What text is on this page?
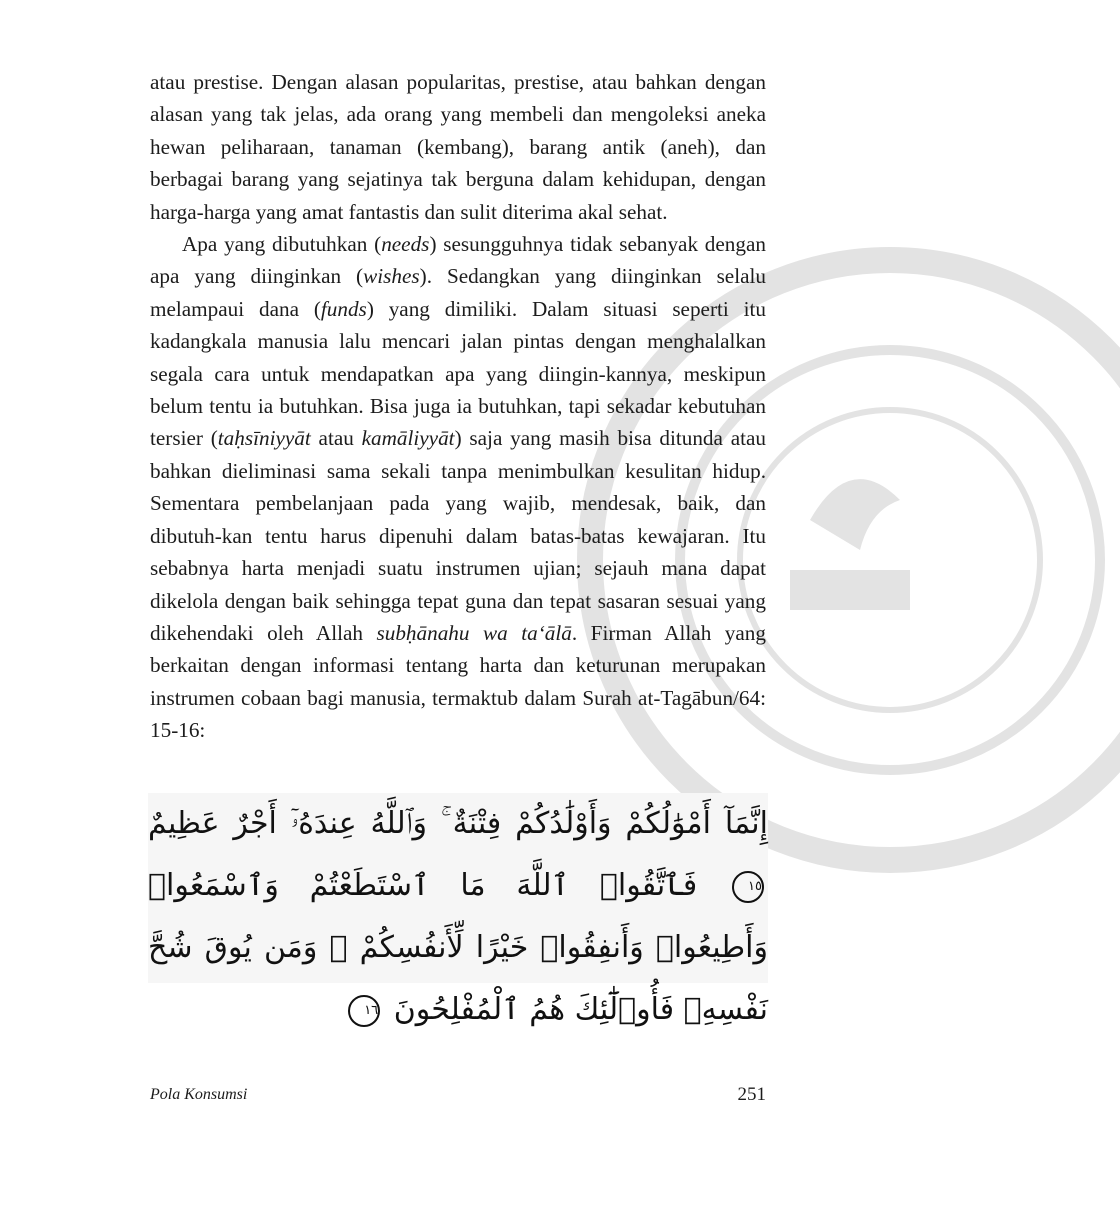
atau prestise. Dengan alasan popularitas, prestise, atau bahkan dengan alasan yang tak jelas, ada orang yang membeli dan mengoleksi aneka hewan peliharaan, tanaman (kembang), barang antik (aneh), dan berbagai barang yang sejatinya tak berguna dalam kehidupan, dengan harga-harga yang amat fantastis dan sulit diterima akal sehat.

Apa yang dibutuhkan (needs) sesungguhnya tidak sebanyak dengan apa yang diinginkan (wishes). Sedangkan yang diinginkan selalu melampaui dana (funds) yang dimiliki. Dalam situasi seperti itu kadangkala manusia lalu mencari jalan pintas dengan menghalalkan segala cara untuk mendapatkan apa yang diingin-kannya, meskipun belum tentu ia butuhkan. Bisa juga ia butuhkan, tapi sekadar kebutuhan tersier (taḥsīniyyāt atau kamāliyyāt) saja yang masih bisa ditunda atau bahkan dieliminasi sama sekali tanpa menimbulkan kesulitan hidup. Sementara pembelanjaan pada yang wajib, mendesak, baik, dan dibutuh-kan tentu harus dipenuhi dalam batas-batas kewajaran. Itu sebabnya harta menjadi suatu instrumen ujian; sejauh mana dapat dikelola dengan baik sehingga tepat guna dan tepat sasaran sesuai yang dikehendaki oleh Allah subḥānahu wa ta‘ālā. Firman Allah yang berkaitan dengan informasi tentang harta dan keturunan merupakan instrumen cobaan bagi manusia, termaktub dalam Surah at-Tagābun/64: 15-16:

إِنَّمَآ أَمْوَٰلُكُمْ وَأَوْلَٰدُكُمْ فِتْنَةٌ ۚ وَٱللَّهُ عِندَهُۥٓ أَجْرٌ عَظِيمٌ ١٥ فَٱتَّقُوا۟ ٱللَّهَ مَا ٱسْتَطَعْتُمْ وَٱسْمَعُوا۟ وَأَطِيعُوا۟ وَأَنفِقُوا۟ خَيْرًا لِّأَنفُسِكُمْ ۗ وَمَن يُوقَ شُحَّ نَفْسِهِۦ فَأُو۟لَٰٓئِكَ هُمُ ٱلْمُفْلِحُونَ ١٦
Pola Konsumsi	251
